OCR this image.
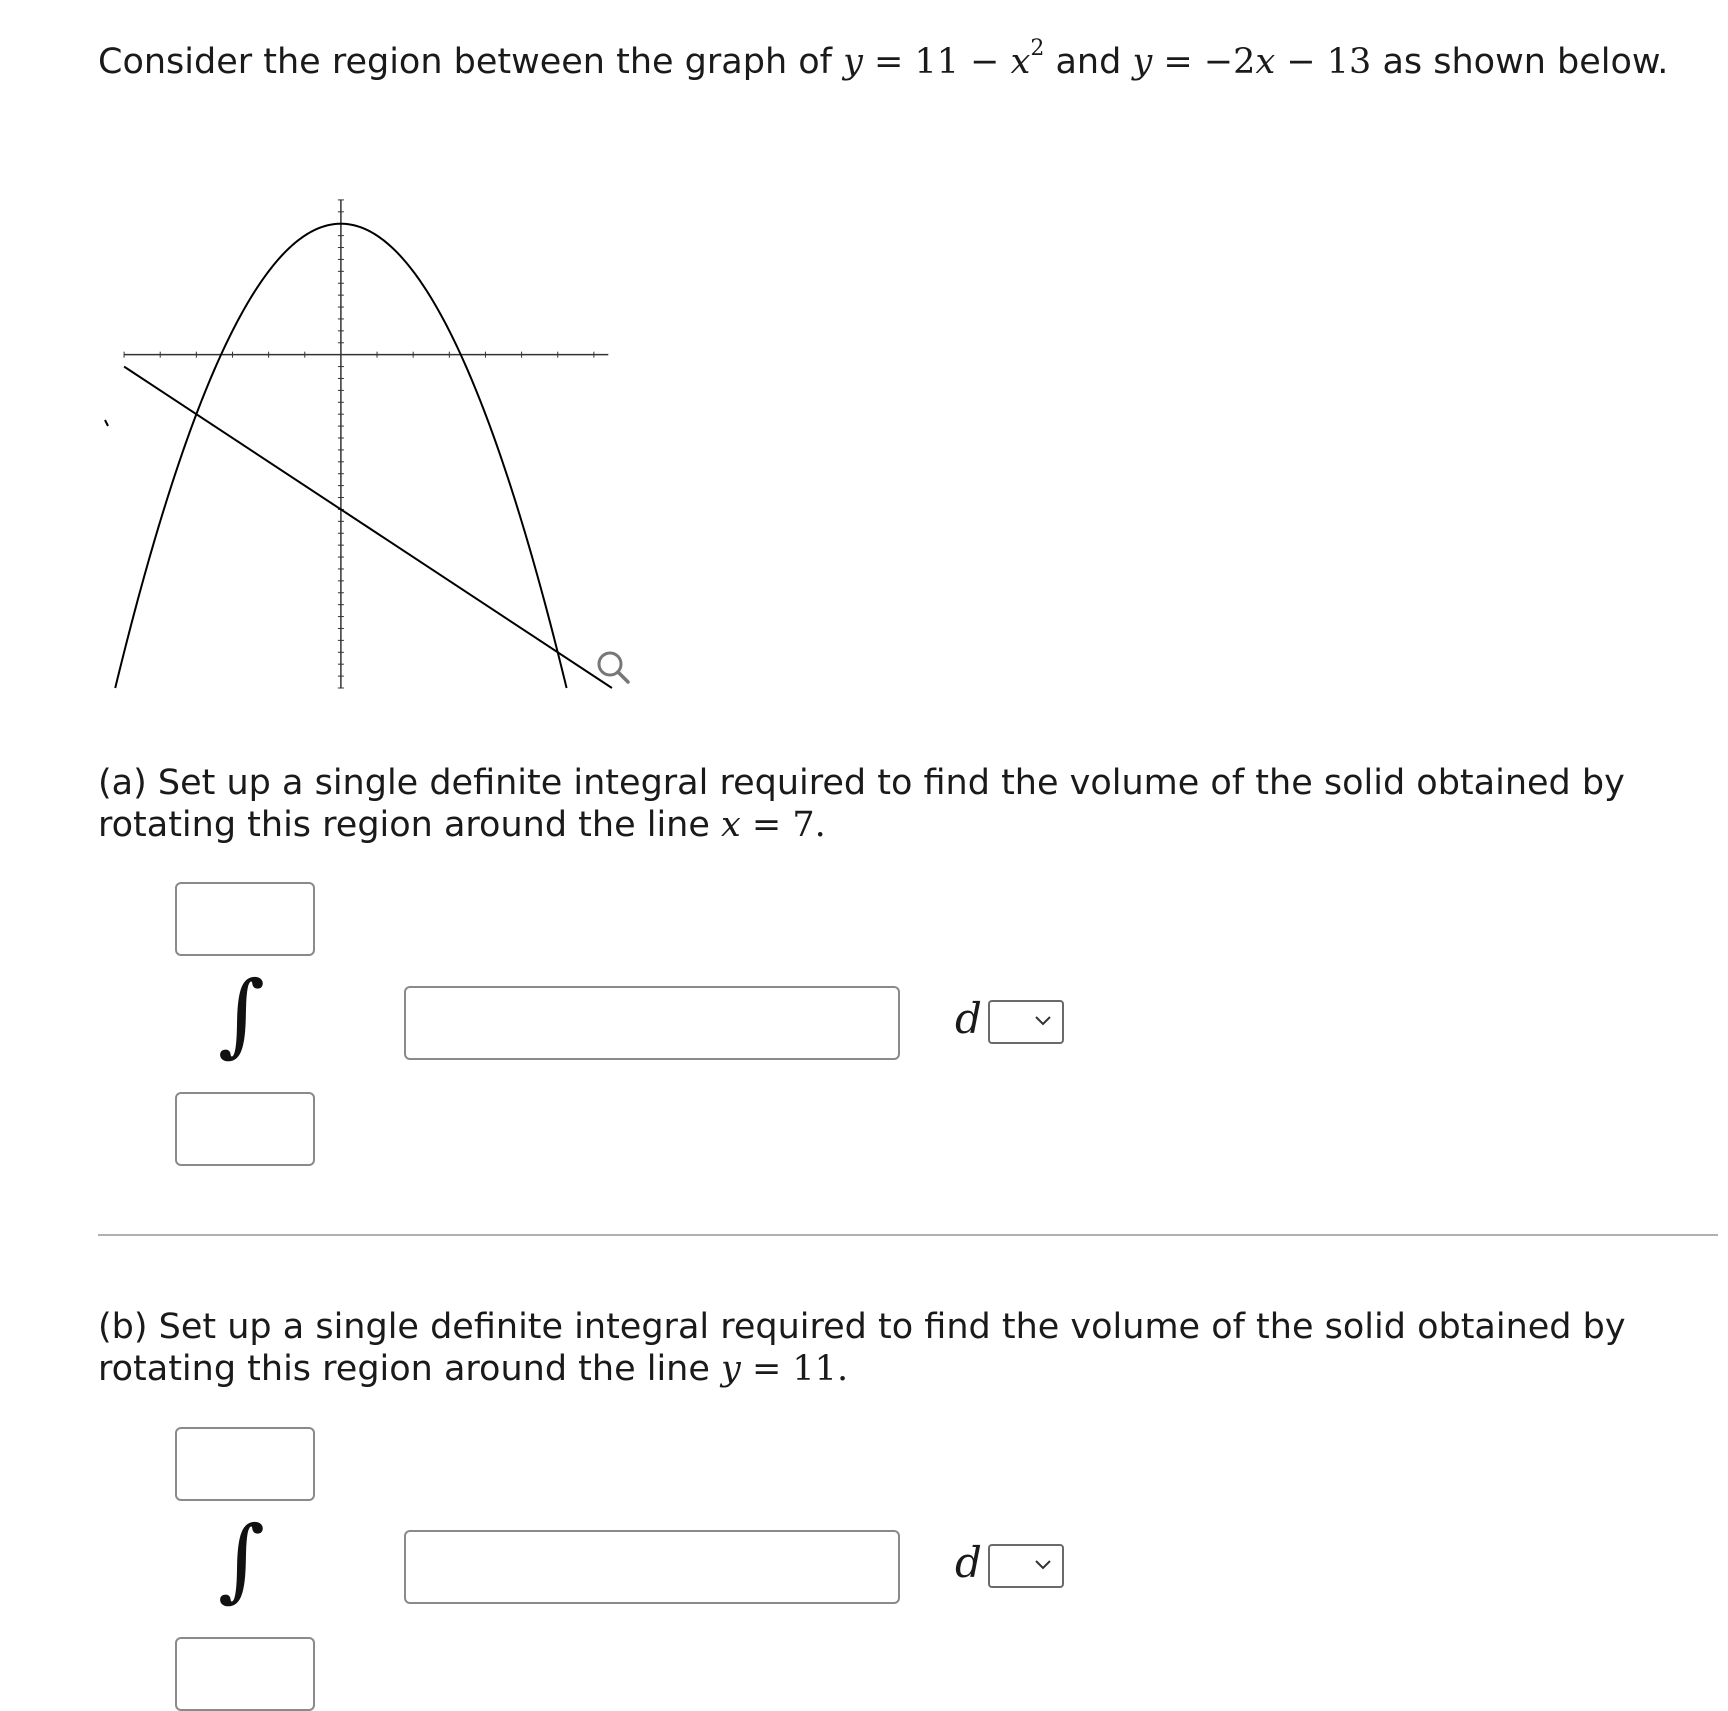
Consider the region between the graph of $y = 11 - x^2$ and y = −2x − 13 as shown below.
(a) Set up a single definite integral required to find the volume of the solid obtained by rotating this region around the line x = 7.
∫	d
(b) Set up a single definite integral required to find the volume of the solid obtained by rotating this region around the line y = 11.
∫	d
